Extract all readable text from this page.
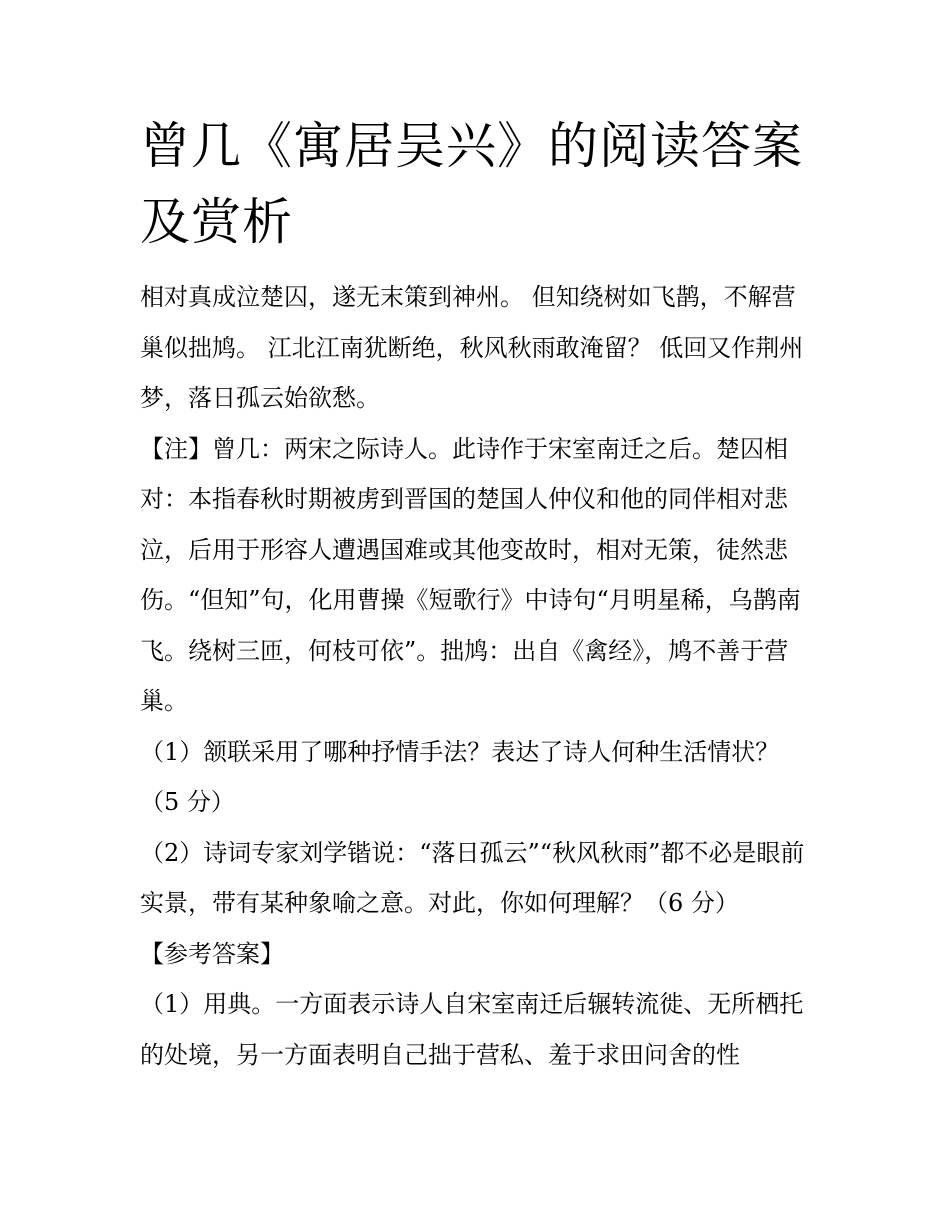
曾几《寓居吴兴》的阅读答案及赏析

相对真成泣楚囚，遂无末策到神州。 但知绕树如飞鹊，不解营巢似拙鸠。 江北江南犹断绝，秋风秋雨敢淹留？ 低回又作荆州梦，落日孤云始欲愁。

【注】曾几：两宋之际诗人。此诗作于宋室南迁之后。楚囚相对：本指春秋时期被虏到晋国的楚国人仲仪和他的同伴相对悲泣，后用于形容人遭遇国难或其他变故时，相对无策，徒然悲伤。“但知”句，化用曹操《短歌行》中诗句“月明星稀，乌鹊南飞。绕树三匝，何枝可依”。拙鸠：出自《禽经》，鸠不善于营巢。

（1）颔联采用了哪种抒情手法？表达了诗人何种生活情状？（5 分）

（2）诗词专家刘学锴说：“落日孤云”“秋风秋雨”都不必是眼前实景，带有某种象喻之意。对此，你如何理解？（6 分）

【参考答案】

（1）用典。一方面表示诗人自宋室南迁后辗转流徙、无所栖托的处境，另一方面表明自己拙于营私、羞于求田问舍的性
